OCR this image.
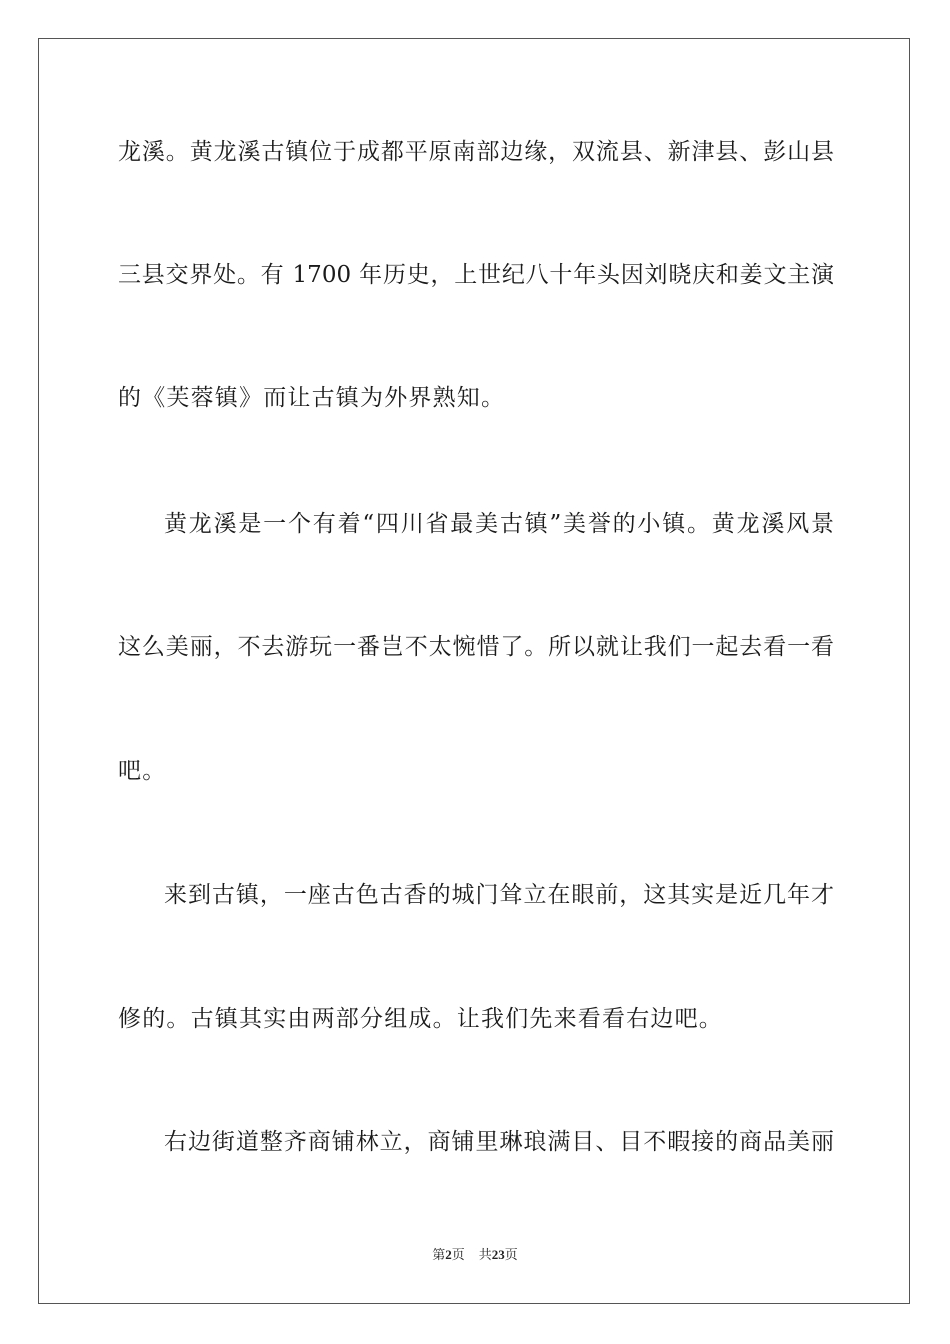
龙溪。黄龙溪古镇位于成都平原南部边缘，双流县、新津县、彭山县
三县交界处。有 1700 年历史，上世纪八十年头因刘晓庆和姜文主演
的《芙蓉镇》而让古镇为外界熟知。
黄龙溪是一个有着“四川省最美古镇”美誉的小镇。黄龙溪风景
这么美丽，不去游玩一番岂不太惋惜了。所以就让我们一起去看一看
吧。
来到古镇，一座古色古香的城门耸立在眼前，这其实是近几年才
修的。古镇其实由两部分组成。让我们先来看看右边吧。
右边街道整齐商铺林立，商铺里琳琅满目、目不暇接的商品美丽
第2页 共23页
